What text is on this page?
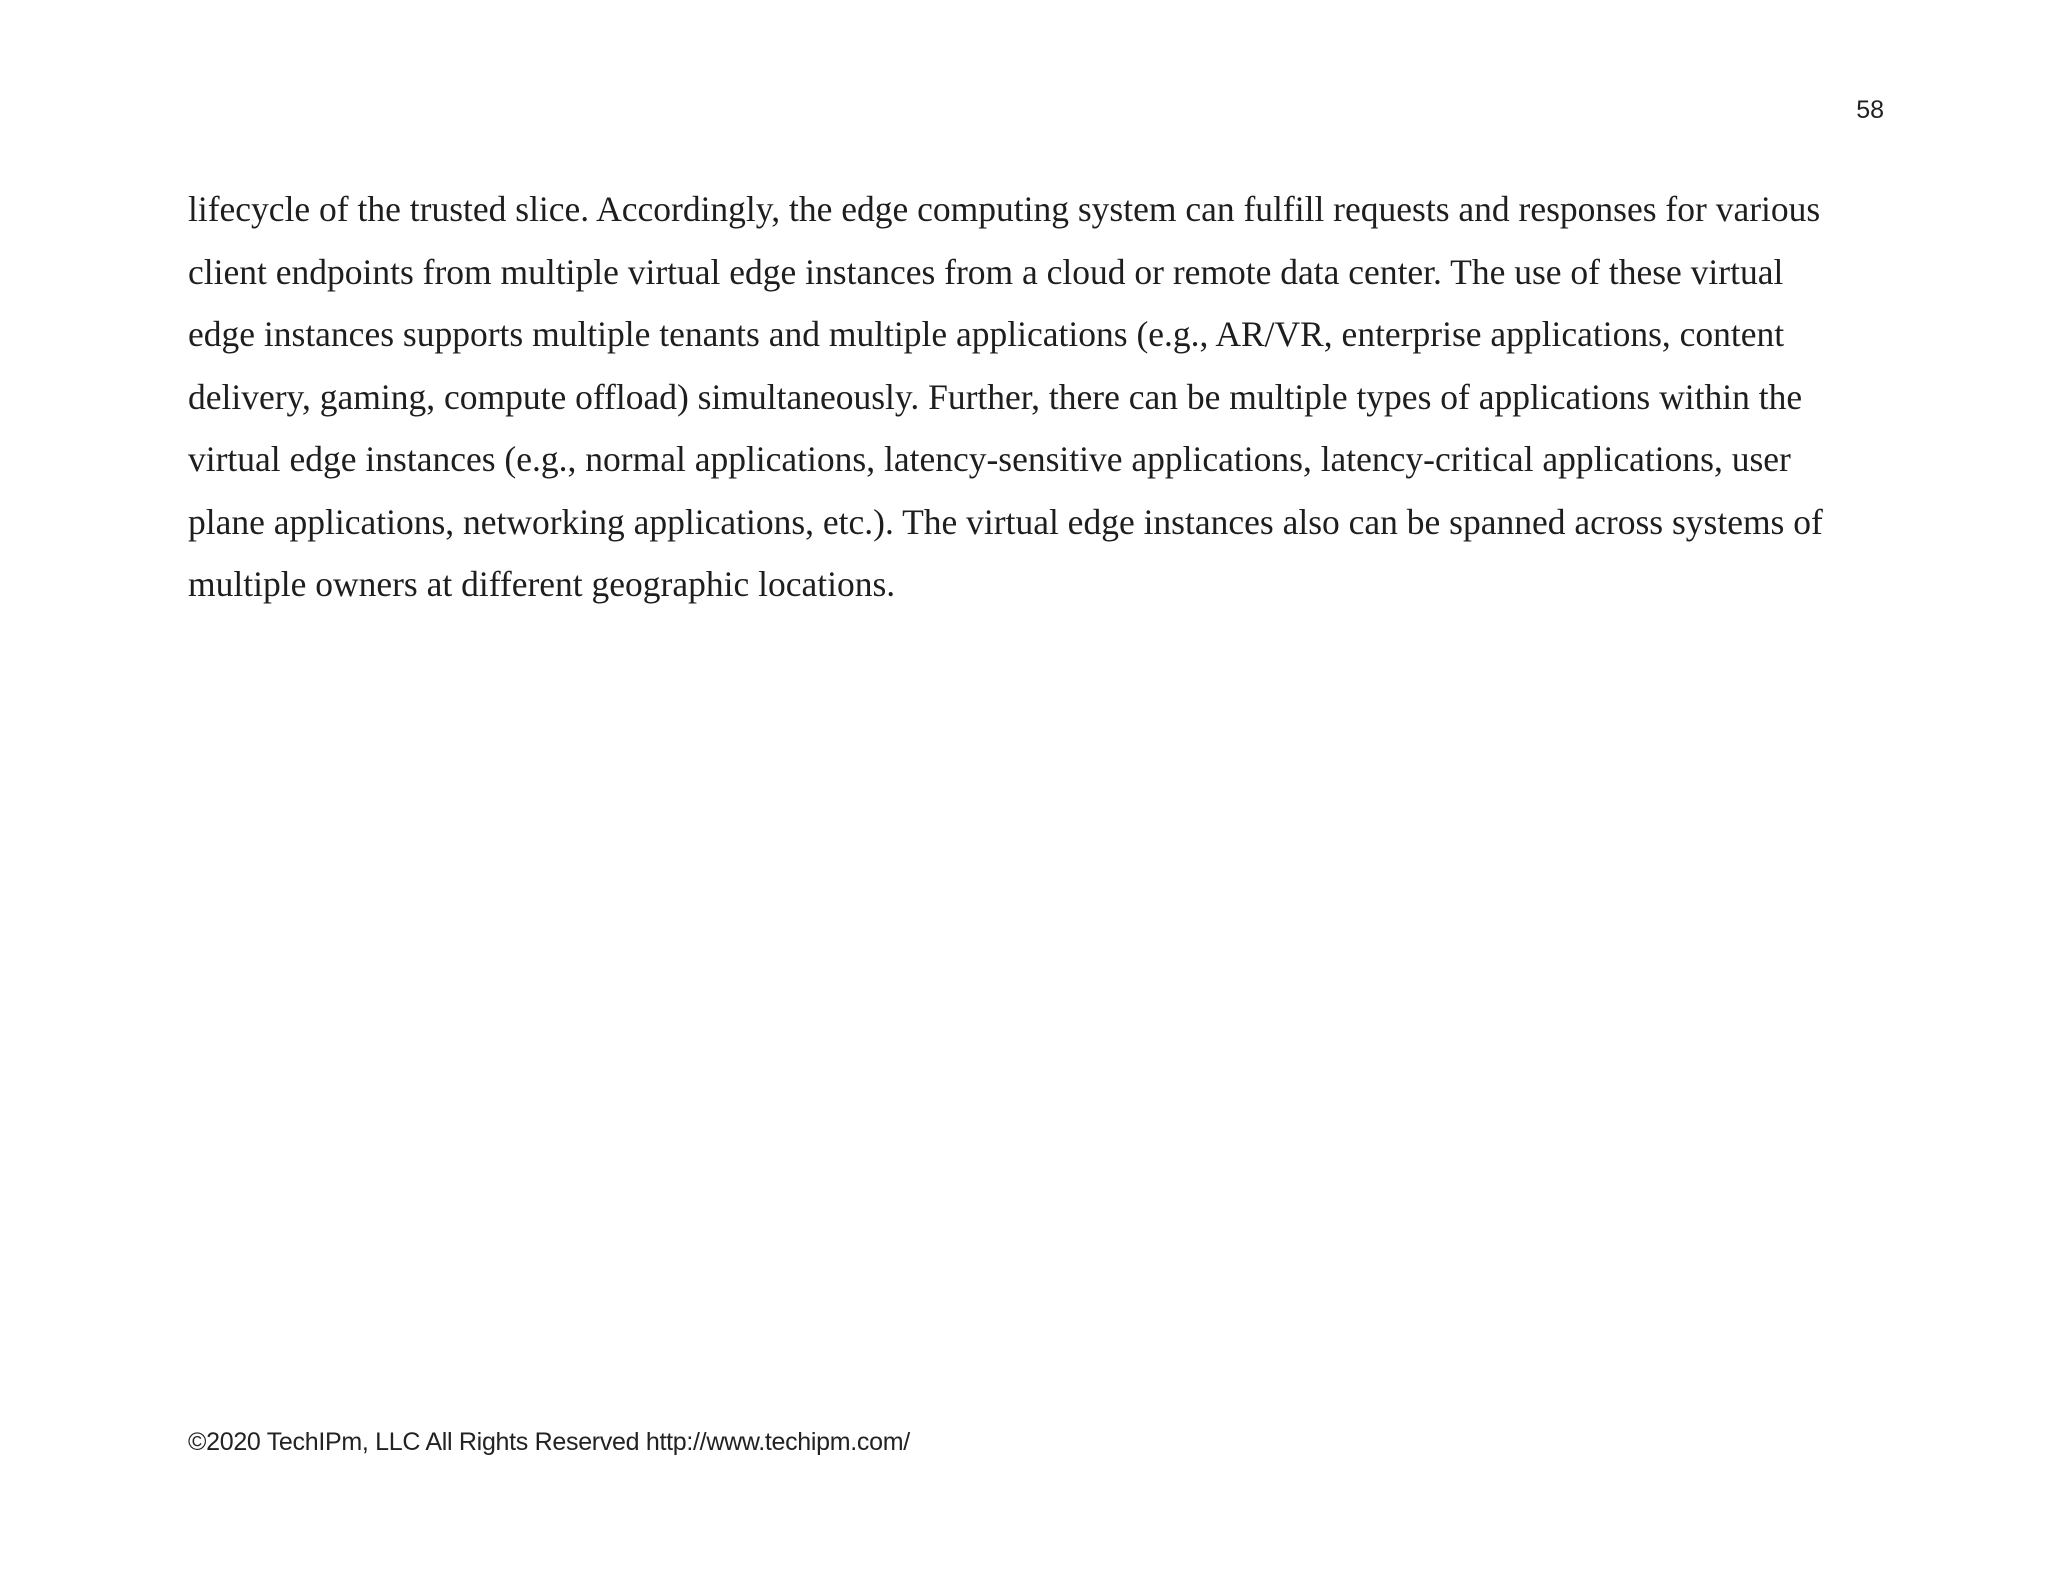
58
lifecycle of the trusted slice. Accordingly, the edge computing system can fulfill requests and responses for various
client endpoints from multiple virtual edge instances from a cloud or remote data center. The use of these virtual
edge instances supports multiple tenants and multiple applications (e.g., AR/VR, enterprise applications, content
delivery, gaming, compute offload) simultaneously. Further, there can be multiple types of applications within the
virtual edge instances (e.g., normal applications, latency-sensitive applications, latency-critical applications, user
plane applications, networking applications, etc.). The virtual edge instances also can be spanned across systems of
multiple owners at different geographic locations.
©2020 TechIPm, LLC All Rights Reserved http://www.techipm.com/
